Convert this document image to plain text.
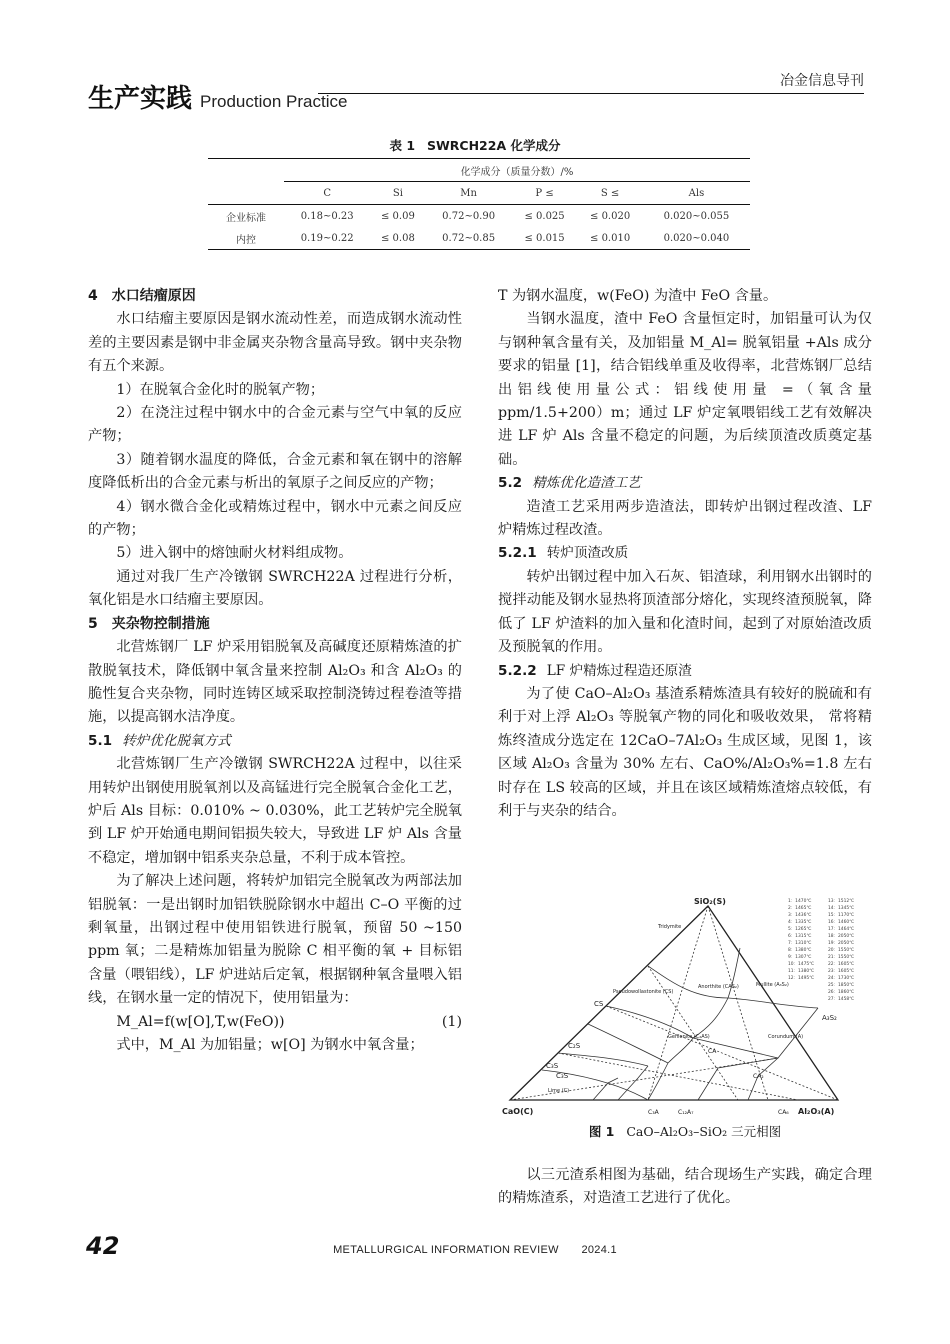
冶金信息导刊
生产实践 Production Practice
表 1 SWRCH22A 化学成分
	化学成分（质量分数）/%					
	C	Si	Mn	P ≤	S ≤	Als
企业标准	0.18~0.23	≤ 0.09	0.72~0.90	≤ 0.025	≤ 0.020	0.020~0.055
内控	0.19~0.22	≤ 0.08	0.72~0.85	≤ 0.015	≤ 0.010	0.020~0.040
4　水口结瘤原因

水口结瘤主要原因是钢水流动性差，而造成钢水流动性差的主要因素是钢中非金属夹杂物含量高导致。钢中夹杂物有五个来源。

1）在脱氧合金化时的脱氧产物；

2）在浇注过程中钢水中的合金元素与空气中氧的反应产物；

3）随着钢水温度的降低，合金元素和氧在钢中的溶解度降低析出的合金元素与析出的氧原子之间反应的产物；

4）钢水微合金化或精炼过程中，钢水中元素之间反应的产物；

5）进入钢中的熔蚀耐火材料组成物。

通过对我厂生产冷镦钢 SWRCH22A 过程进行分析，氧化铝是水口结瘤主要原因。

5　夹杂物控制措施

北营炼钢厂 LF 炉采用铝脱氧及高碱度还原精炼渣的扩散脱氧技术，降低钢中氧含量来控制 Al₂O₃ 和含 Al₂O₃ 的脆性复合夹杂物，同时连铸区域采取控制浇铸过程卷渣等措施，以提高钢水洁净度。

5.1 转炉优化脱氧方式

北营炼钢厂生产冷镦钢 SWRCH22A 过程中，以往采用转炉出钢使用脱氧剂以及高锰进行完全脱氧合金化工艺，炉后 Als 目标：0.010% ~ 0.030%，此工艺转炉完全脱氧到 LF 炉开始通电期间铝损失较大，导致进 LF 炉 Als 含量不稳定，增加钢中铝系夹杂总量，不利于成本管控。

为了解决上述问题，将转炉加铝完全脱氧改为两部法加铝脱氧：一是出钢时加铝铁脱除钢水中超出 C–O 平衡的过剩氧量，出钢过程中使用铝铁进行脱氧，预留 50 ~150 ppm 氧；二是精炼加铝量为脱除 C 相平衡的氧 + 目标铝含量（喂铝线），LF 炉进站后定氧，根据钢种氧含量喂入铝线，在钢水量一定的情况下，使用铝量为：

M_Al=f(w[O],T,w(FeO))	(1)

式中，M_Al 为加铝量；w[O] 为钢水中氧含量；

T 为钢水温度，w(FeO) 为渣中 FeO 含量。

当钢水温度，渣中 FeO 含量恒定时，加铝量可认为仅与钢种氧含量有关，及加铝量 M_Al= 脱氧铝量 +Als 成分要求的铝量 [1]，结合铝线单重及收得率，北营炼钢厂总结出铝线使用量公式：铝线使用量 =（氧含量 ppm/1.5+200）m；通过 LF 炉定氧喂铝线工艺有效解决进 LF 炉 Als 含量不稳定的问题，为后续顶渣改质奠定基础。

5.2 精炼优化造渣工艺

造渣工艺采用两步造渣法，即转炉出钢过程改渣、LF 炉精炼过程改渣。

5.2.1 转炉顶渣改质

转炉出钢过程中加入石灰、铝渣球，利用钢水出钢时的搅拌动能及钢水显热将顶渣部分熔化，实现终渣预脱氧，降低了 LF 炉渣料的加入量和化渣时间，起到了对原始渣改质及预脱氧的作用。

5.2.2 LF 炉精炼过程造还原渣

为了使 CaO–Al₂O₃ 基渣系精炼渣具有较好的脱硫和有利于对上浮 Al₂O₃ 等脱氧产物的同化和吸收效果， 常将精炼终渣成分选定在 12CaO–7Al₂O₃ 生成区域，见图 1，该区域 Al₂O₃ 含量为 30% 左右、CaO%/Al₂O₃%=1.8 左右时存在 LS 较高的区域，并且在该区域精炼渣熔点较低，有利于与夹杂的结合。

SiO₂(S)
CaO(C)	Al₂O₃(A)
C₂S
C₃S
C₃S
CS
Tridymite
Pseudowollastonite (CS)
Anorthite (CAS₂)	Mullite (A₃S₂)
A₃S₂
Gehlenite (C₂AS)	Corundum (A)
CA
CA₂
C₃A	C₁₂A₇	CA₆
Lime (C)
1：1470℃
2：1465℃
3：1436℃
4：1335℃
5：1265℃
6：1315℃
7：1310℃
8：1380℃
9：1307℃
10：1475℃
11：1380℃
12：1495℃
13：1512℃
14：1345℃
15：1170℃
16：1460℃
17：1464℃
18：2050℃
19：2050℃
20：1550℃
21：1550℃
22：1605℃
23：1605℃
24：1730℃
25：1850℃
26：1860℃
27：1458℃
图 1 CaO–Al₂O₃–SiO₂ 三元相图

以三元渣系相图为基础，结合现场生产实践，确定合理的精炼渣系，对造渣工艺进行了优化。

42	METALLURGICAL INFORMATION REVIEW　　2024.1
